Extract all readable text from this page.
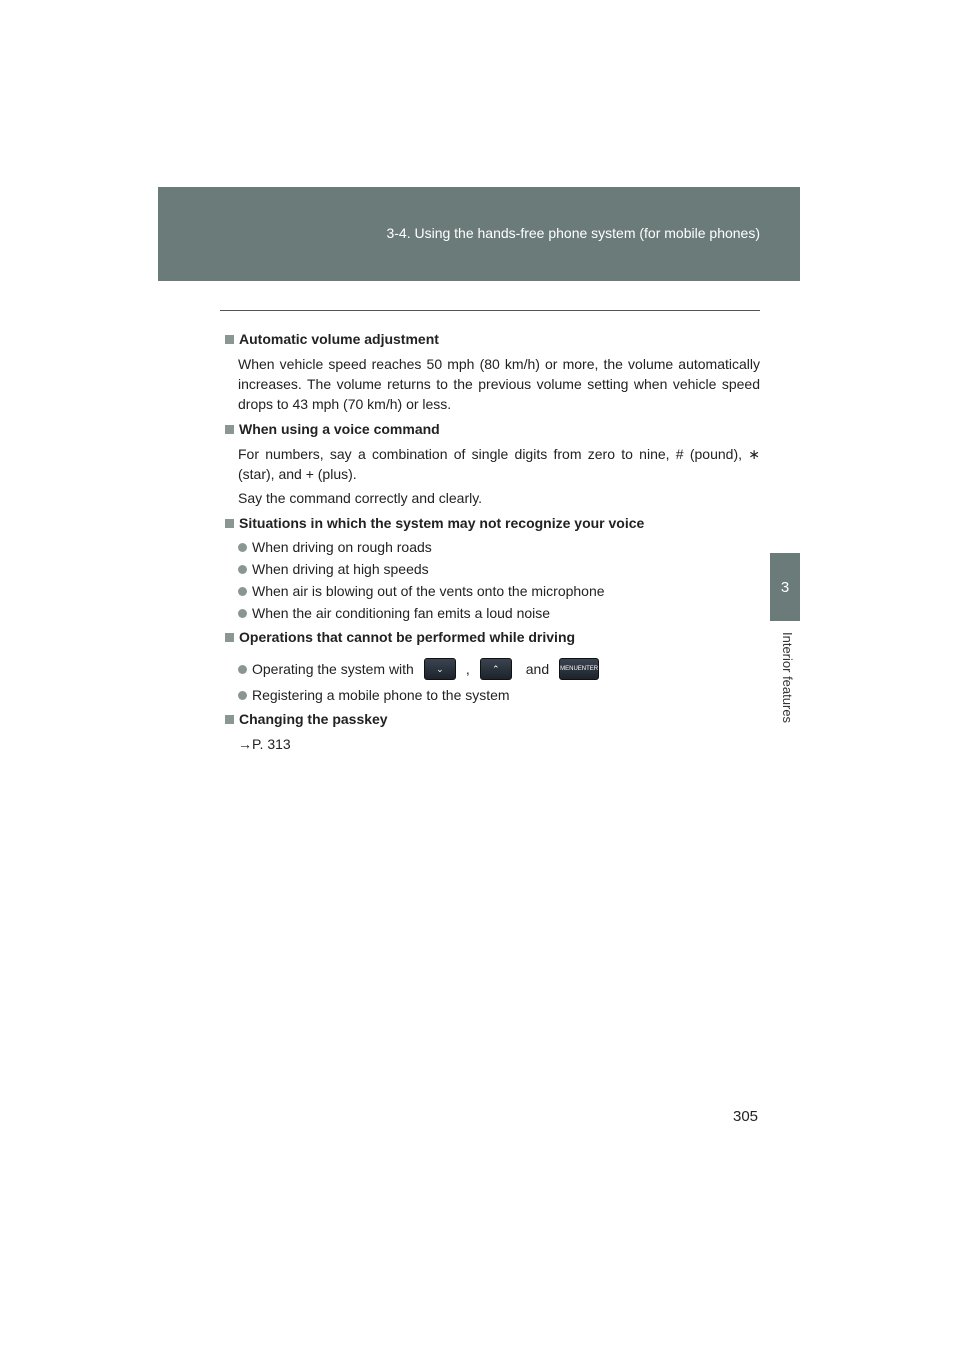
3-4. Using the hands-free phone system (for mobile phones)
3
Interior features
Automatic volume adjustment

When vehicle speed reaches 50 mph (80 km/h) or more, the volume automatically increases. The volume returns to the previous volume setting when vehicle speed drops to 43 mph (70 km/h) or less.

When using a voice command

For numbers, say a combination of single digits from zero to nine, # (pound), ∗ (star), and + (plus).

Say the command correctly and clearly.

Situations in which the system may not recognize your voice
When driving on rough roads
When driving at high speeds
When air is blowing out of the vents onto the microphone
When the air conditioning fan emits a loud noise
Operations that cannot be performed while driving
Operating the system with	⌄	,	⌃	and MENU ENTER
Registering a mobile phone to the system
Changing the passkey

→P. 313

305
